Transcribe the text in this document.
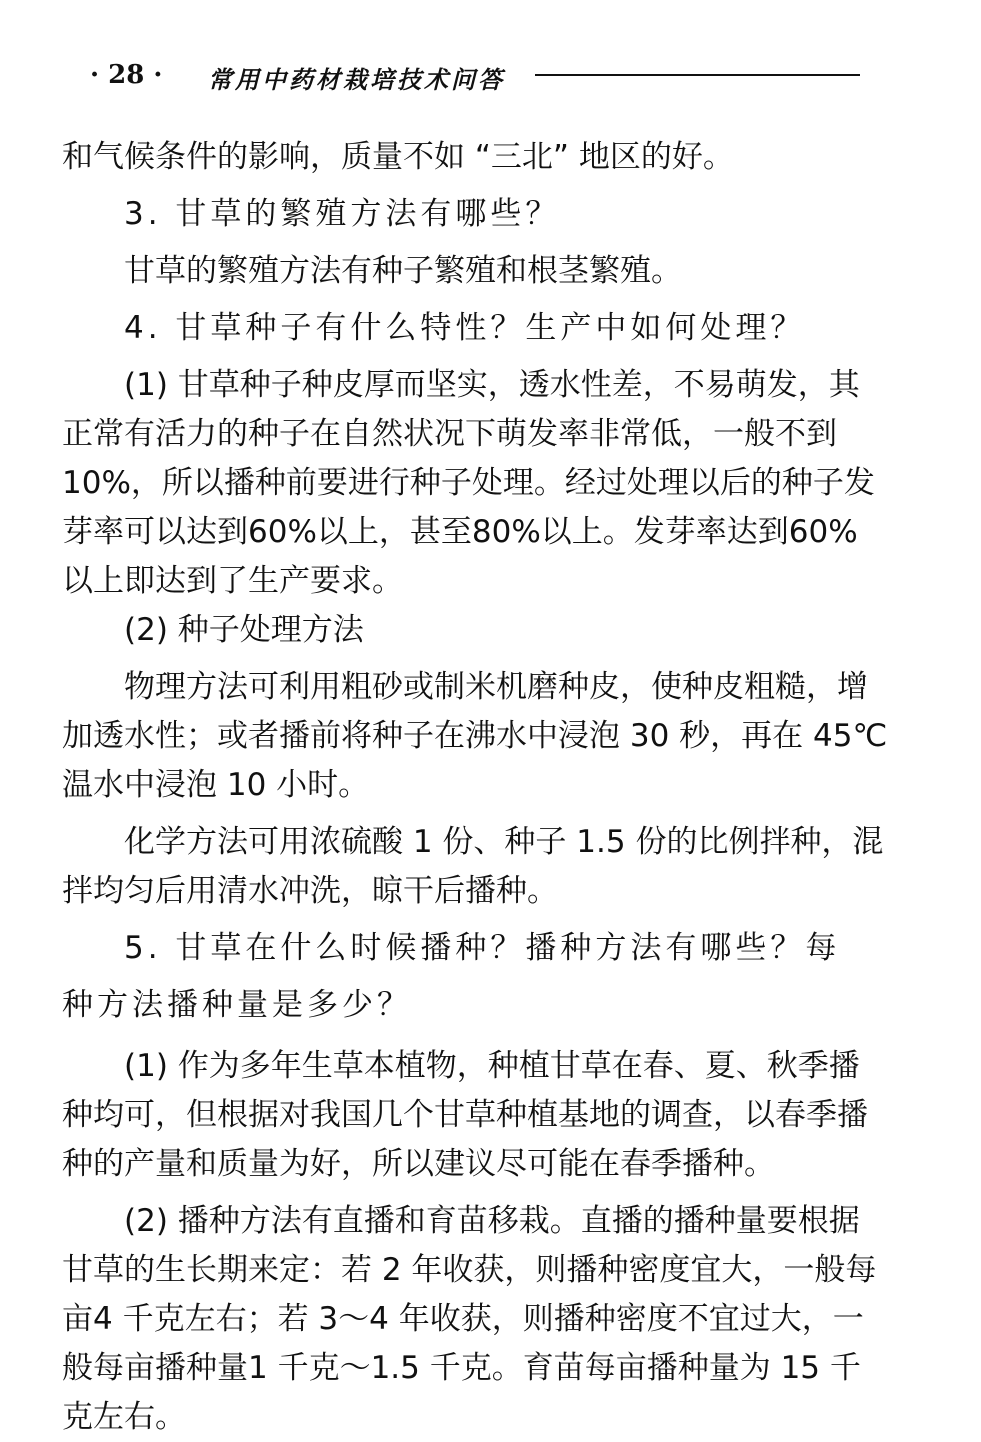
· 28 · 常用中药材栽培技术问答
和气候条件的影响，质量不如 “三北” 地区的好。
3. 甘草的繁殖方法有哪些？
甘草的繁殖方法有种子繁殖和根茎繁殖。
4. 甘草种子有什么特性？生产中如何处理？
(1) 甘草种子种皮厚而坚实，透水性差，不易萌发，其
正常有活力的种子在自然状况下萌发率非常低，一般不到
10%，所以播种前要进行种子处理。经过处理以后的种子发
芽率可以达到60%以上，甚至80%以上。发芽率达到60%
以上即达到了生产要求。
(2) 种子处理方法
物理方法可利用粗砂或制米机磨种皮，使种皮粗糙，增
加透水性；或者播前将种子在沸水中浸泡 30 秒，再在 45℃
温水中浸泡 10 小时。
化学方法可用浓硫酸 1 份、种子 1.5 份的比例拌种，混
拌均匀后用清水冲洗，晾干后播种。
5. 甘草在什么时候播种？播种方法有哪些？每
种方法播种量是多少？
(1) 作为多年生草本植物，种植甘草在春、夏、秋季播
种均可，但根据对我国几个甘草种植基地的调查，以春季播
种的产量和质量为好，所以建议尽可能在春季播种。
(2) 播种方法有直播和育苗移栽。直播的播种量要根据
甘草的生长期来定：若 2 年收获，则播种密度宜大，一般每
亩4 千克左右；若 3～4 年收获，则播种密度不宜过大，一
般每亩播种量1 千克～1.5 千克。育苗每亩播种量为 15 千
克左右。
